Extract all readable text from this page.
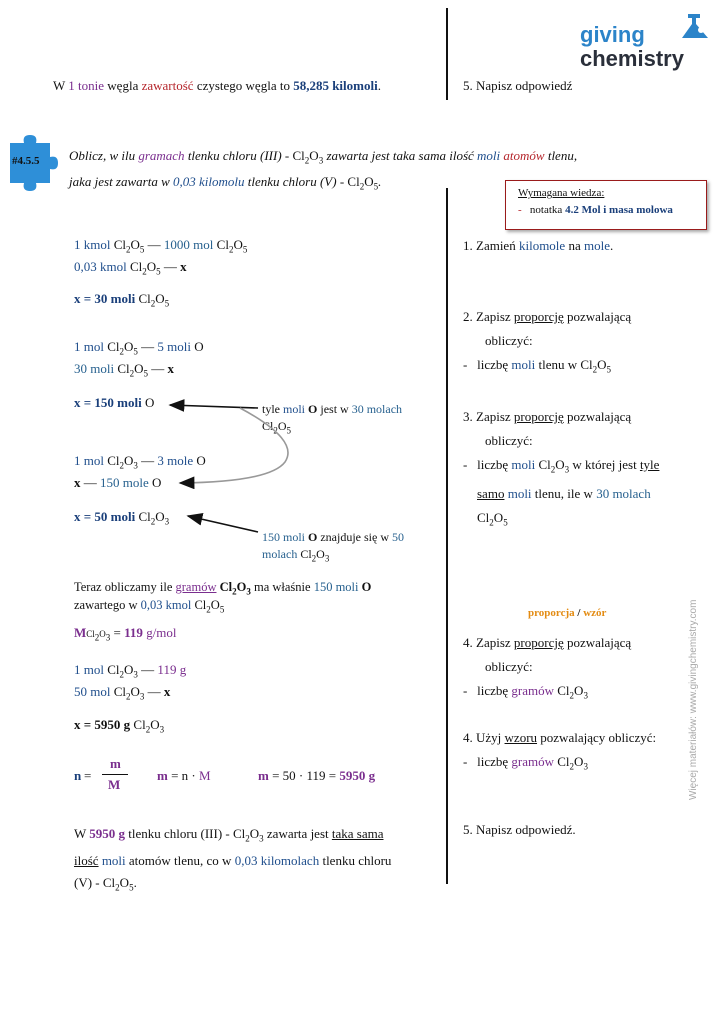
giving
chemistry
W 1 tonie węgla zawartość czystego węgla to 58,285 kilomoli.	5. Napisz odpowiedź
#4.5.5 Oblicz, w ilu gramach tlenku chloru $(III) - Cl_2O_3$ zawarta jest taka sama ilość moli atomów tlenu,
jaka jest zawarta w 0,03 kilomolu tlenku chloru $(V) - Cl_2O_5$.
Wymagana wiedza:
- notatka 4.2 Mol i masa molowa
1 kmol $Cl_2O_5$ — 1000 mol $Cl_2O_5$
0,03 kmol $Cl_2O_5$ — x
x = 30 moli $Cl_2O_5$
1 mol $Cl_2O_5$ — 5 moli O
30 moli $Cl_2O_5$ — x
x = 150 moli O	tyle moli O jest w 30 molach
$Cl_2O_5$
1 mol $Cl_2O_3$ — 3 mole O
x — 150 mole O
x = 50 moli $Cl_2O_3$
150 moli O znajduje się w 50
molach $Cl_2O_3$
Teraz obliczamy ile gramów $Cl_2O_3$ ma właśnie 150 moli O
zawartego w 0,03 kmol $Cl_2O_5$
$MCl_2O_3 = 119$ g/mol
1 mol $Cl_2O_3$ — 119 g
50 mol $Cl_2O_3$ — x
x = 5950 g $Cl_2O_3$
n =
m
M
m = n · M	m = 50 · 119 = 5950 g
W 5950 g tlenku chloru $(III) - Cl_2O_3$ zawarta jest taka sama
ilość moli atomów tlenu, co w 0,03 kilomolach tlenku chloru
$(V) - Cl_2O_5$.
1. Zamień kilomole na mole.
2. Zapisz proporcję pozwalającą
obliczyć:
- liczbę moli tlenu w $Cl_2O_5$
3. Zapisz proporcję pozwalającą
obliczyć:
- liczbę moli $Cl_2O_3$ w której jest tyle
samo moli tlenu, ile w 30 molach
$Cl_2O_5$
proporcja / wzór
4. Zapisz proporcję pozwalającą
obliczyć:
- liczbę gramów $Cl_2O_3$
4. Użyj wzoru pozwalający obliczyć:
- liczbę gramów $Cl_2O_3$
5. Napisz odpowiedź.
Więcej materiałów: www.givingchemistry.com
